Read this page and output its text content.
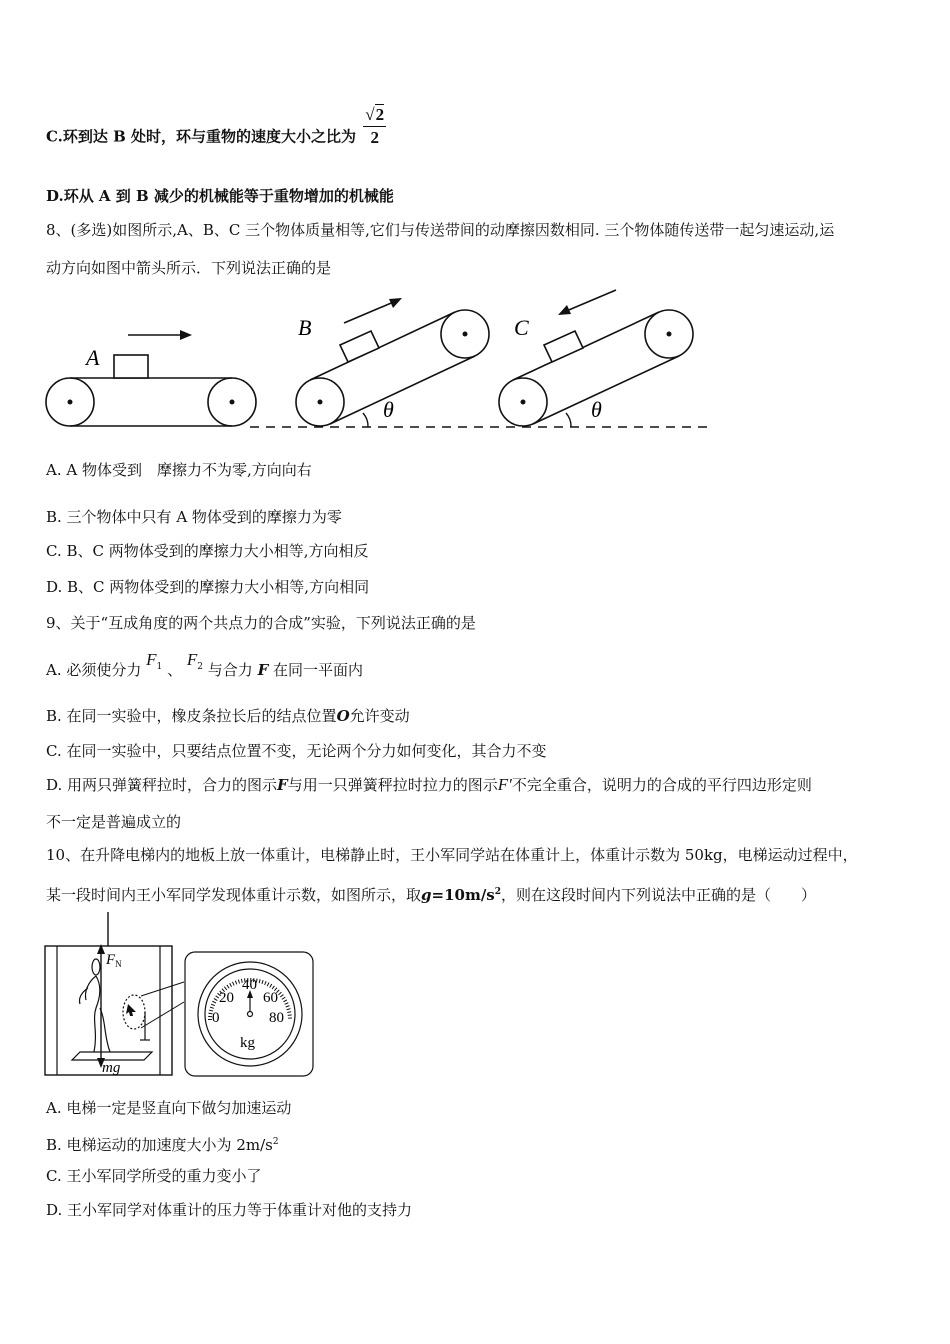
C.环到达 B 处时，环与重物的速度大小之比为 $\frac{√2}{2}$
D.环从 A 到 B 减少的机械能等于重物增加的机械能
8、(多选)如图所示,A、B、C 三个物体质量相等,它们与传送带间的动摩擦因数相同. 三个物体随传送带一起匀速运动,运
动方向如图中箭头所示．下列说法正确的是
A
B
θ
C
θ
A. A 物体受到　摩擦力不为零,方向向右
B. 三个物体中只有 A 物体受到的摩擦力为零
C. B、C 两物体受到的摩擦力大小相等,方向相反
D. B、C 两物体受到的摩擦力大小相等,方向相同
9、关于“互成角度的两个共点力的合成”实验，下列说法正确的是
A. 必须使分力 $F_1$ 、 $F_2$ 与合力 F 在同一平面内
B. 在同一实验中，橡皮条拉长后的结点位置O允许变动
C. 在同一实验中，只要结点位置不变，无论两个分力如何变化，其合力不变
D. 用两只弹簧秤拉时，合力的图示F与用一只弹簧秤拉时拉力的图示F′不完全重合，说明力的合成的平行四边形定则
不一定是普遍成立的
10、在升降电梯内的地板上放一体重计，电梯静止时，王小军同学站在体重计上，体重计示数为 50kg，电梯运动过程中，
某一段时间内王小军同学发现体重计示数，如图所示，取$g=10m/s^2$，则在这段时间内下列说法中正确的是（　　）
$F_N$
mg
0
20
40
60
80
kg
A. 电梯一定是竖直向下做匀加速运动
B. 电梯运动的加速度大小为 $2m/s^2$
C. 王小军同学所受的重力变小了
D. 王小军同学对体重计的压力等于体重计对他的支持力
